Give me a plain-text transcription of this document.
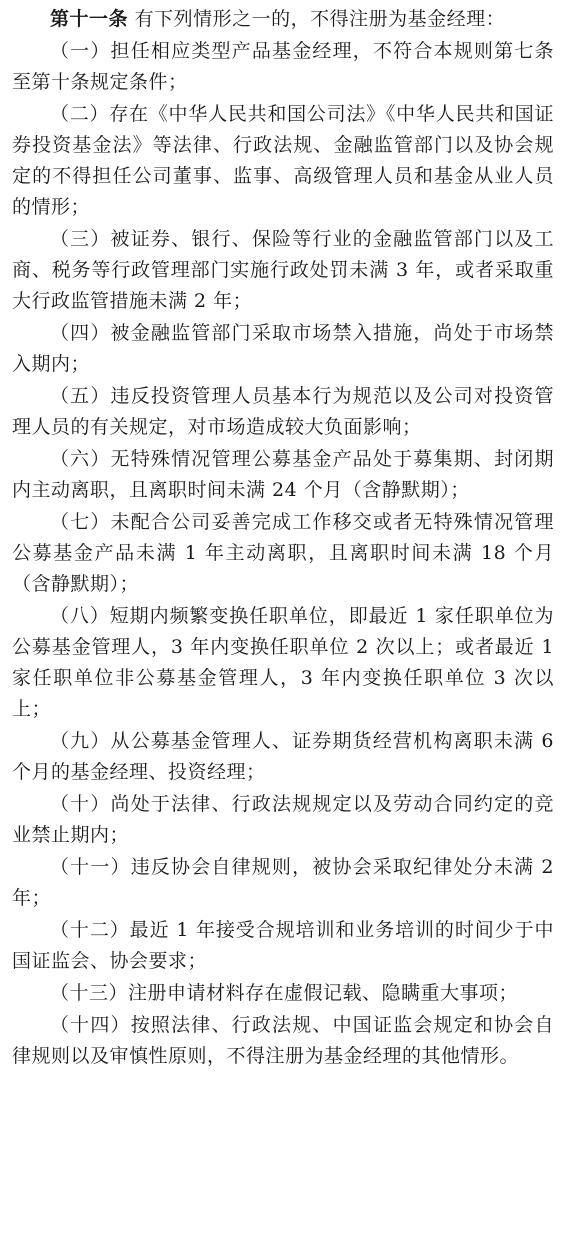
第十一条 有下列情形之一的，不得注册为基金经理：

（一）担任相应类型产品基金经理，不符合本规则第七条至第十条规定条件；

（二）存在《中华人民共和国公司法》《中华人民共和国证券投资基金法》等法律、行政法规、金融监管部门以及协会规定的不得担任公司董事、监事、高级管理人员和基金从业人员的情形；

（三）被证券、银行、保险等行业的金融监管部门以及工商、税务等行政管理部门实施行政处罚未满 3 年，或者采取重大行政监管措施未满 2 年；

（四）被金融监管部门采取市场禁入措施，尚处于市场禁入期内；

（五）违反投资管理人员基本行为规范以及公司对投资管理人员的有关规定，对市场造成较大负面影响；

（六）无特殊情况管理公募基金产品处于募集期、封闭期内主动离职，且离职时间未满 24 个月（含静默期）；

（七）未配合公司妥善完成工作移交或者无特殊情况管理公募基金产品未满 1 年主动离职，且离职时间未满 18 个月（含静默期）；

（八）短期内频繁变换任职单位，即最近 1 家任职单位为公募基金管理人，3 年内变换任职单位 2 次以上；或者最近 1 家任职单位非公募基金管理人，3 年内变换任职单位 3 次以上；

（九）从公募基金管理人、证券期货经营机构离职未满 6 个月的基金经理、投资经理；

（十）尚处于法律、行政法规规定以及劳动合同约定的竞业禁止期内；

（十一）违反协会自律规则，被协会采取纪律处分未满 2 年；

（十二）最近 1 年接受合规培训和业务培训的时间少于中国证监会、协会要求；

（十三）注册申请材料存在虚假记载、隐瞒重大事项；

（十四）按照法律、行政法规、中国证监会规定和协会自律规则以及审慎性原则，不得注册为基金经理的其他情形。
